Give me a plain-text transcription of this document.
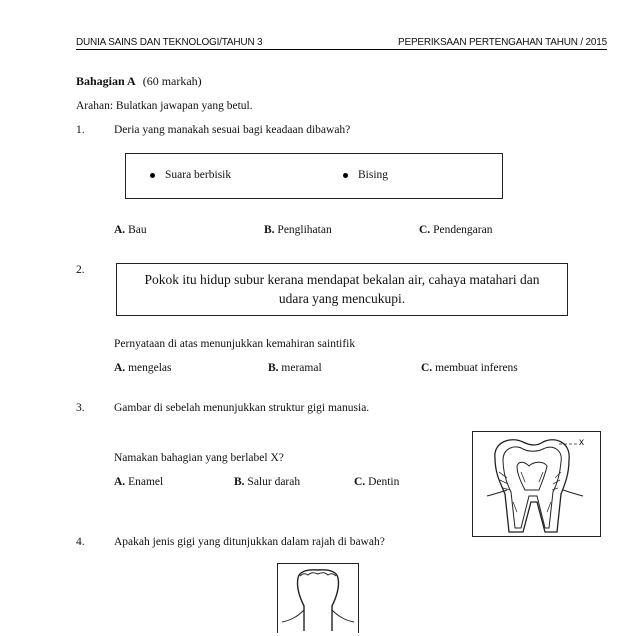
DUNIA SAINS DAN TEKNOLOGI/TAHUN 3	PEPERIKSAAN PERTENGAHAN TAHUN / 2015
Bahagian A (60 markah)
Arahan: Bulatkan jawapan yang betul.
1.	Deria yang manakah sesuai bagi keadaan dibawah?
Suara berbisik	Bising
A. Bau	B. Penglihatan	C. Pendengaran
2.
Pokok itu hidup subur kerana mendapat bekalan air, cahaya matahari dan
udara yang mencukupi.
Pernyataan di atas menunjukkan kemahiran saintifik
A. mengelas	B. meramal	C. membuat inferens
3.	Gambar di sebelah menunjukkan struktur gigi manusia.
Namakan bahagian yang berlabel X?
A. Enamel	B. Salur darah	C. Dentin
x
4.	Apakah jenis gigi yang ditunjukkan dalam rajah di bawah?
